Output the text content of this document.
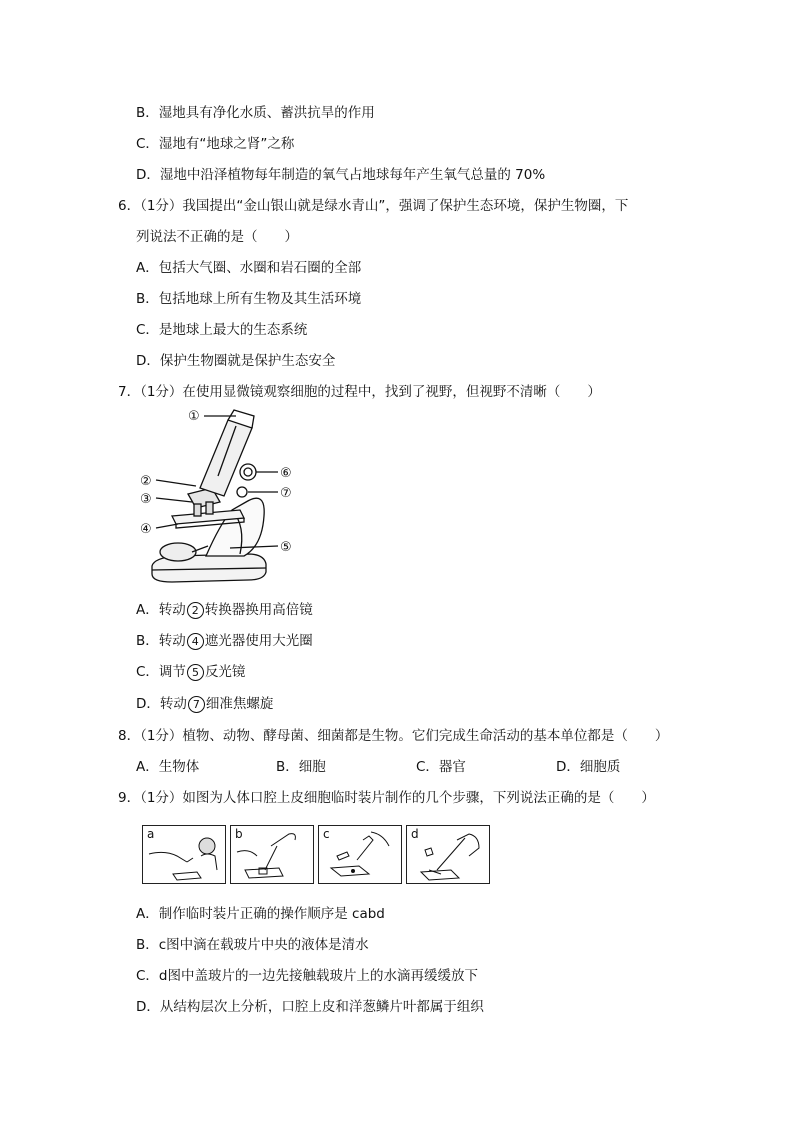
B．湿地具有净化水质、蓄洪抗旱的作用
C．湿地有“地球之肾”之称
D．湿地中沿泽植物每年制造的氧气占地球每年产生氧气总量的 70%
6．（1分）我国提出“金山银山就是绿水青山”，强调了保护生态环境，保护生物圈，下
列说法不正确的是（　　）
A．包括大气圈、水圈和岩石圈的全部
B．包括地球上所有生物及其生活环境
C．是地球上最大的生态系统
D．保护生物圈就是保护生态安全
7．（1分）在使用显微镜观察细胞的过程中，找到了视野，但视野不清晰（　　）
①
②
③
④
⑤
⑥
⑦
A．转动 2 转换器换用高倍镜
B．转动 4 遮光器使用大光圈
C．调节 5 反光镜
D．转动 7 细准焦螺旋
8．（1分）植物、动物、酵母菌、细菌都是生物。它们完成生命活动的基本单位都是（　　）
A．生物体	B．细胞	C．器官	D．细胞质
9．（1分）如图为人体口腔上皮细胞临时装片制作的几个步骤，下列说法正确的是（　　）
a	b	c	d
A．制作临时装片正确的操作顺序是 cabd
B．c图中滴在载玻片中央的液体是清水
C．d图中盖玻片的一边先接触载玻片上的水滴再缓缓放下
D．从结构层次上分析，口腔上皮和洋葱鳞片叶都属于组织
